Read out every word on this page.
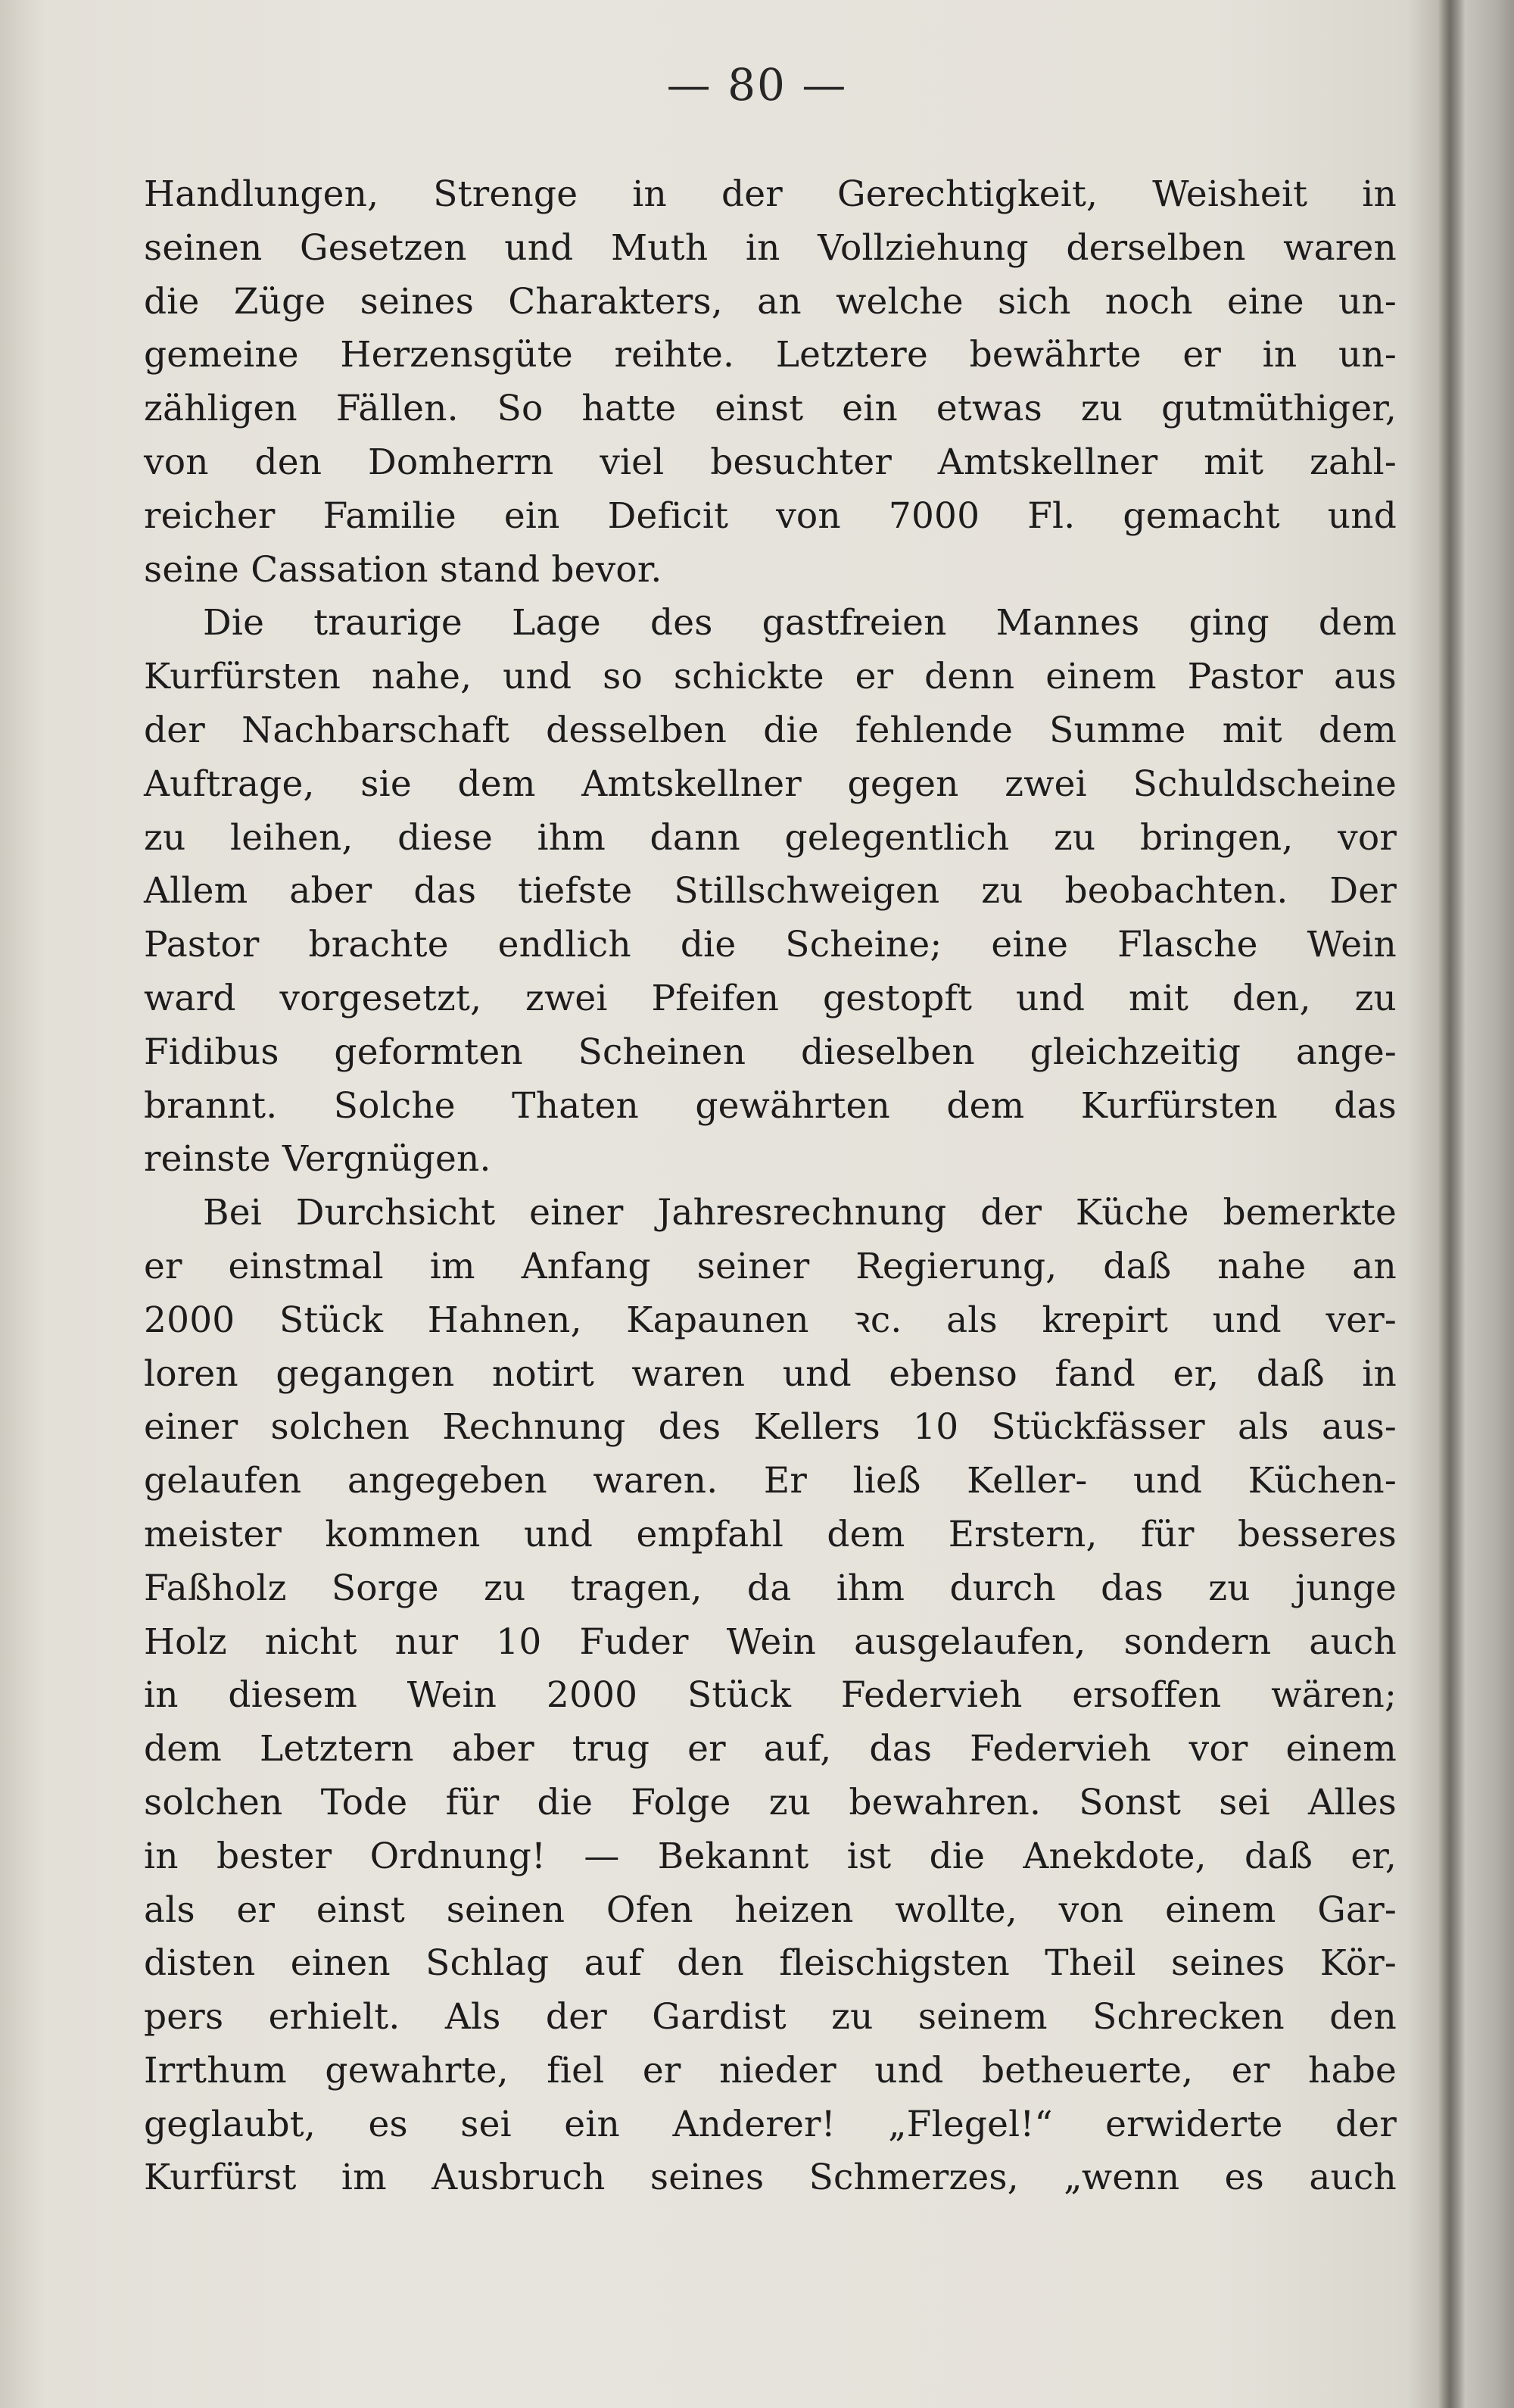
— 80 —
Handlungen, Strenge in der Gerechtigkeit, Weisheit in
seinen Gesetzen und Muth in Vollziehung derselben waren
die Züge seines Charakters, an welche sich noch eine un-
gemeine Herzensgüte reihte. Letztere bewährte er in un-
zähligen Fällen. So hatte einst ein etwas zu gutmüthiger,
von den Domherrn viel besuchter Amtskellner mit zahl-
reicher Familie ein Deficit von 7000 Fl. gemacht und
seine Cassation stand bevor.
Die traurige Lage des gastfreien Mannes ging dem
Kurfürsten nahe, und so schickte er denn einem Pastor aus
der Nachbarschaft desselben die fehlende Summe mit dem
Auftrage, sie dem Amtskellner gegen zwei Schuldscheine
zu leihen, diese ihm dann gelegentlich zu bringen, vor
Allem aber das tiefste Stillschweigen zu beobachten. Der
Pastor brachte endlich die Scheine; eine Flasche Wein
ward vorgesetzt, zwei Pfeifen gestopft und mit den, zu
Fidibus geformten Scheinen dieselben gleichzeitig ange-
brannt. Solche Thaten gewährten dem Kurfürsten das
reinste Vergnügen.
Bei Durchsicht einer Jahresrechnung der Küche bemerkte
er einstmal im Anfang seiner Regierung, daß nahe an
2000 Stück Hahnen, Kapaunen ꝛc. als krepirt und ver-
loren gegangen notirt waren und ebenso fand er, daß in
einer solchen Rechnung des Kellers 10 Stückfässer als aus-
gelaufen angegeben waren. Er ließ Keller- und Küchen-
meister kommen und empfahl dem Erstern, für besseres
Faßholz Sorge zu tragen, da ihm durch das zu junge
Holz nicht nur 10 Fuder Wein ausgelaufen, sondern auch
in diesem Wein 2000 Stück Federvieh ersoffen wären;
dem Letztern aber trug er auf, das Federvieh vor einem
solchen Tode für die Folge zu bewahren. Sonst sei Alles
in bester Ordnung! — Bekannt ist die Anekdote, daß er,
als er einst seinen Ofen heizen wollte, von einem Gar-
disten einen Schlag auf den fleischigsten Theil seines Kör-
pers erhielt. Als der Gardist zu seinem Schrecken den
Irrthum gewahrte, fiel er nieder und betheuerte, er habe
geglaubt, es sei ein Anderer! „Flegel!“ erwiderte der
Kurfürst im Ausbruch seines Schmerzes, „wenn es auch
